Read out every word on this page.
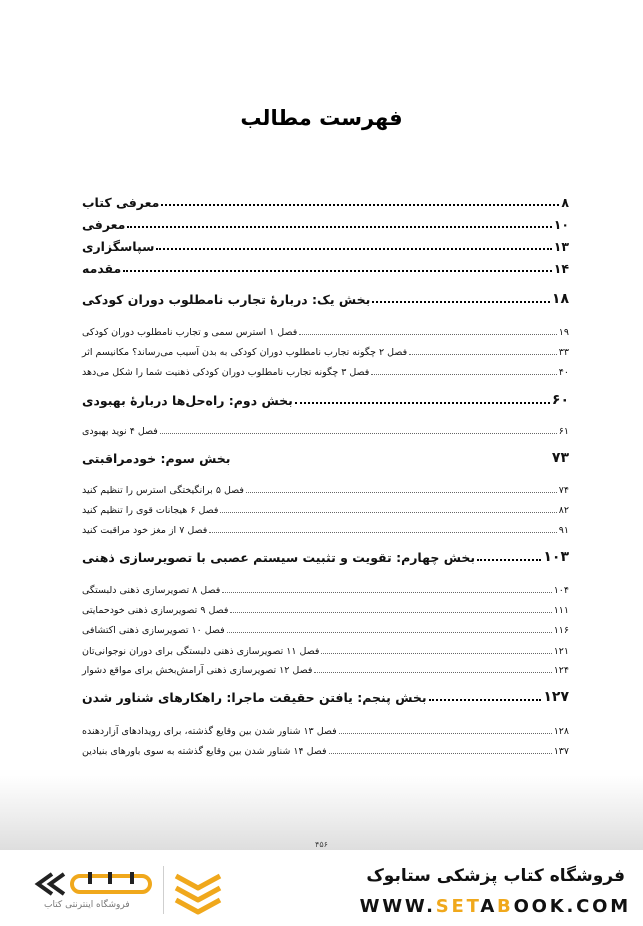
فهرست مطالب
معرفی کتاب	۸
معرفی	۱۰
سپاسگزاری	۱۳
مقدمه	۱۴
بخش یک: دربارهٔ تجارب نامطلوب دوران کودکی	۱۸
فصل ۱ استرس سمی و تجارب نامطلوب دوران کودکی	۱۹
فصل ۲ چگونه تجارب نامطلوب دوران کودکی به بدن آسیب می‌رساند؟ مکانیسم اثر	۳۳
فصل ۳ چگونه تجارب نامطلوب دوران کودکی ذهنیت شما را شکل می‌دهد	۴۰
بخش دوم: راه‌حل‌ها دربارهٔ بهبودی	۶۰
فصل ۴ نوید بهبودی	۶۱
بخش سوم: خودمراقبتی	۷۳
فصل ۵ برانگیختگی استرس را تنظیم کنید	۷۴
فصل ۶ هیجانات قوی را تنظیم کنید	۸۲
فصل ۷ از مغز خود مراقبت کنید	۹۱
بخش چهارم: تقویت و تثبیت سیستم عصبی با تصویرسازی ذهنی	۱۰۳
فصل ۸ تصویرسازی ذهنی دلبستگی	۱۰۴
فصل ۹ تصویرسازی ذهنی خودحمایتی	۱۱۱
فصل ۱۰ تصویرسازی ذهنی اکتشافی	۱۱۶
فصل ۱۱ تصویرسازی ذهنی دلبستگی برای دوران نوجوانی‌تان	۱۲۱
فصل ۱۲ تصویرسازی ذهنی آرامش‌بخش برای مواقع دشوار	۱۲۴
بخش پنجم: یافتن حقیقت ماجرا: راهکارهای شناور شدن	۱۲۷
فصل ۱۳ شناور شدن بین وقایع گذشته، برای رویدادهای آزاردهنده	۱۲۸
فصل ۱۴ شناور شدن بین وقایع گذشته به سوی باورهای بنیادین	۱۳۷
۴۵۶
فروشگاه اینترنتی کتاب
فروشگاه کتاب پزشکی ستابوک
WWW.SETABOOK.COM
